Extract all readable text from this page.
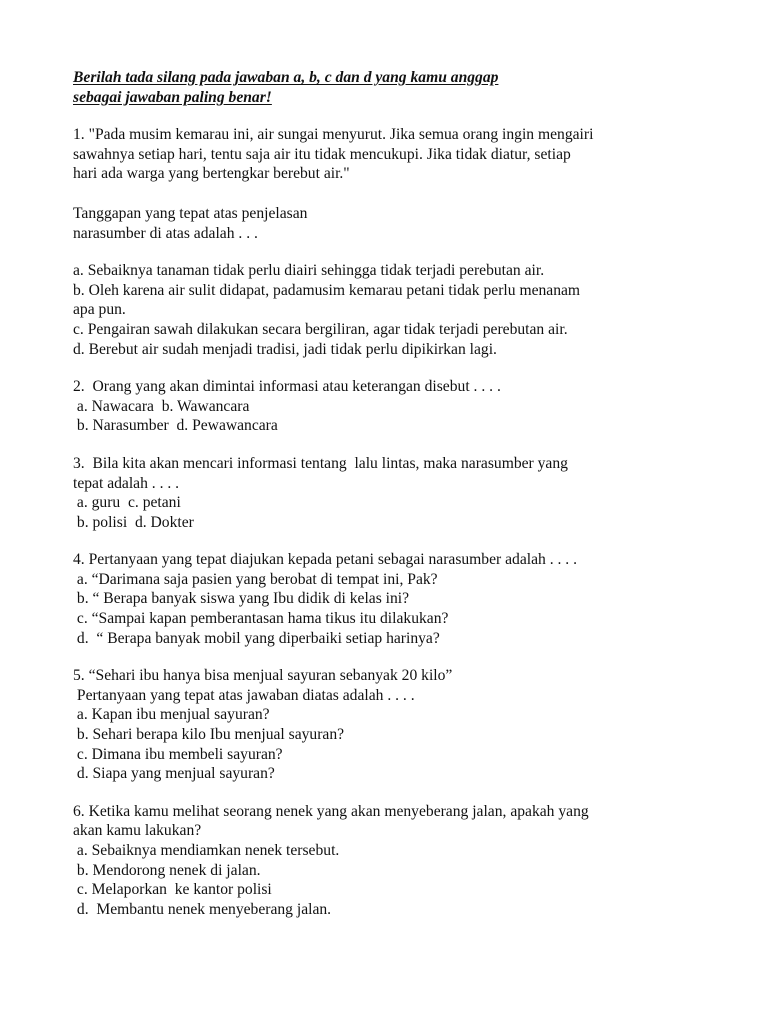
Berilah tada silang pada jawaban a, b, c dan d yang kamu anggap
sebagai jawaban paling benar!
1. "Pada musim kemarau ini, air sungai menyurut. Jika semua orang ingin mengairi
sawahnya setiap hari, tentu saja air itu tidak mencukupi. Jika tidak diatur, setiap
hari ada warga yang bertengkar berebut air."
Tanggapan yang tepat atas penjelasan
narasumber di atas adalah . . .
a. Sebaiknya tanaman tidak perlu diairi sehingga tidak terjadi perebutan air.
b. Oleh karena air sulit didapat, padamusim kemarau petani tidak perlu menanam
apa pun.
c. Pengairan sawah dilakukan secara bergiliran, agar tidak terjadi perebutan air.
d. Berebut air sudah menjadi tradisi, jadi tidak perlu dipikirkan lagi.
2.  Orang yang akan dimintai informasi atau keterangan disebut . . . .
a. Nawacara  b. Wawancara
b. Narasumber  d. Pewawancara
3.  Bila kita akan mencari informasi tentang  lalu lintas, maka narasumber yang
tepat adalah . . . .
a. guru  c. petani
b. polisi  d. Dokter
4. Pertanyaan yang tepat diajukan kepada petani sebagai narasumber adalah . . . .
a. “Darimana saja pasien yang berobat di tempat ini, Pak?
b. “ Berapa banyak siswa yang Ibu didik di kelas ini?
c. “Sampai kapan pemberantasan hama tikus itu dilakukan?
d.  “ Berapa banyak mobil yang diperbaiki setiap harinya?
5. “Sehari ibu hanya bisa menjual sayuran sebanyak 20 kilo”
Pertanyaan yang tepat atas jawaban diatas adalah . . . .
a. Kapan ibu menjual sayuran?
b. Sehari berapa kilo Ibu menjual sayuran?
c. Dimana ibu membeli sayuran?
d. Siapa yang menjual sayuran?
6. Ketika kamu melihat seorang nenek yang akan menyeberang jalan, apakah yang
akan kamu lakukan?
a. Sebaiknya mendiamkan nenek tersebut.
b. Mendorong nenek di jalan.
c. Melaporkan  ke kantor polisi
d.  Membantu nenek menyeberang jalan.
